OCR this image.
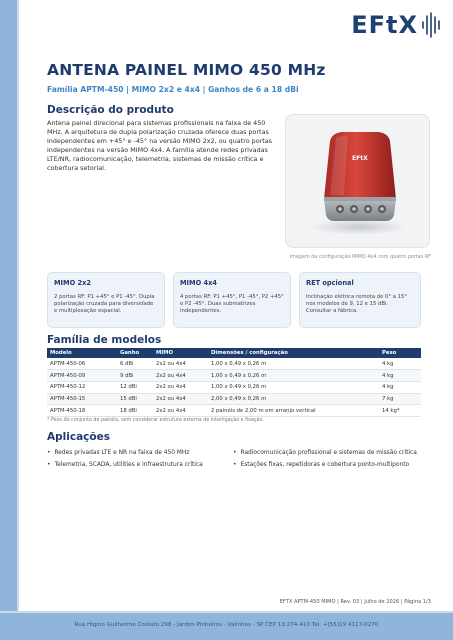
EFtX
ANTENA PAINEL MIMO 450 MHz
Família APTM-450 | MIMO 2x2 e 4x4 | Ganhos de 6 a 18 dBi
Descrição do produto

Antena painel direcional para sistemas profissionais na faixa de 450 MHz. A arquitetura de dupla polarização cruzada oferece duas portas independentes em +45° e -45° na versão MIMO 2x2, ou quatro portas independentes na versão MIMO 4x4. A família atende redes privadas LTE/NR, radiocomunicação, telemetria, sistemas de missão crítica e cobertura setorial.

EFtX
Imagem da configuração MIMO 4x4 com quatro portas RF
MIMO 2x2
2 portas RF: P1 +45° e P1 -45°. Dupla polarização cruzada para diversidade e multiplexação espacial.
MIMO 4x4
4 portas RF: P1 +45°, P1 -45°, P2 +45° e P2 -45°. Duas submatrizes independentes.
RET opcional
Inclinação elétrica remota de 0° a 15° nos modelos de 9, 12 e 15 dBi. Consultar a fábrica.
Família de modelos
Modelo	Ganho	MIMO	Dimensões / configuração	Peso
APTM-450-06	6 dBi	2x2 ou 4x4	1,00 x 0,49 x 0,26 m	4 kg
APTM-450-09	9 dBi	2x2 ou 4x4	1,00 x 0,49 x 0,26 m	4 kg
APTM-450-12	12 dBi	2x2 ou 4x4	1,00 x 0,49 x 0,26 m	4 kg
APTM-450-15	15 dBi	2x2 ou 4x4	2,00 x 0,49 x 0,26 m	7 kg
APTM-450-18	18 dBi	2x2 ou 4x4	2 painéis de 2,00 m em arranjo vertical	14 kg*
* Peso do conjunto de painéis, sem considerar estrutura externa de interligação e fixação.
Aplicações
• Redes privadas LTE e NR na faixa de 450 MHz
• Telemetria, SCADA, utilities e infraestrutura crítica
• Radiocomunicação profissional e sistemas de missão crítica
• Estações fixas, repetidoras e cobertura ponto-multiponto
EFTX APTM-450 MIMO | Rev. 03 | Julho de 2026 | Página 1/3
Rua Higino Guilherme Costato 298 - Jardim Pinheiros - Valinhos - SP CEP 13.274-410 Tel. +[55]19 4117-0270
